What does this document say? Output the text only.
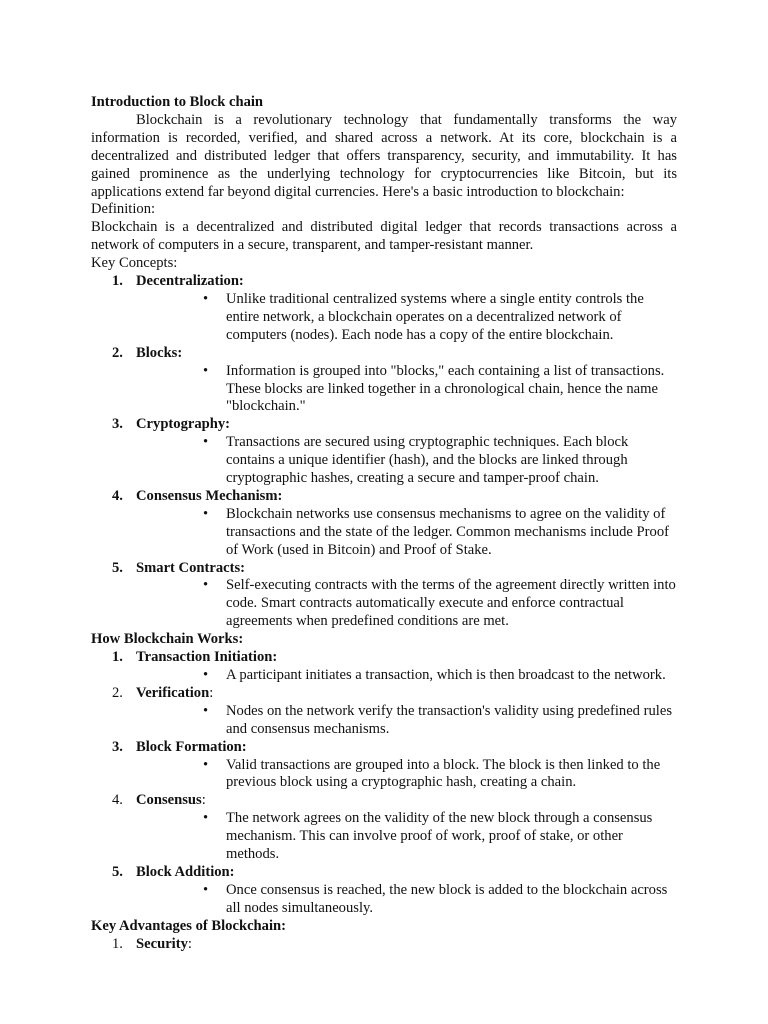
Introduction to Block chain

Blockchain is a revolutionary technology that fundamentally transforms the way information is recorded, verified, and shared across a network. At its core, blockchain is a decentralized and distributed ledger that offers transparency, security, and immutability. It has gained prominence as the underlying technology for cryptocurrencies like Bitcoin, but its applications extend far beyond digital currencies. Here's a basic introduction to blockchain:

Definition:

Blockchain is a decentralized and distributed digital ledger that records transactions across a network of computers in a secure, transparent, and tamper-resistant manner.

Key Concepts:

1. Decentralization:
• Unlike traditional centralized systems where a single entity controls the entire network, a blockchain operates on a decentralized network of computers (nodes). Each node has a copy of the entire blockchain.
2. Blocks:
• Information is grouped into "blocks," each containing a list of transactions. These blocks are linked together in a chronological chain, hence the name "blockchain."
3. Cryptography:
• Transactions are secured using cryptographic techniques. Each block contains a unique identifier (hash), and the blocks are linked through cryptographic hashes, creating a secure and tamper-proof chain.
4. Consensus Mechanism:
• Blockchain networks use consensus mechanisms to agree on the validity of transactions and the state of the ledger. Common mechanisms include Proof of Work (used in Bitcoin) and Proof of Stake.
5. Smart Contracts:
• Self-executing contracts with the terms of the agreement directly written into code. Smart contracts automatically execute and enforce contractual agreements when predefined conditions are met.

How Blockchain Works:

1. Transaction Initiation:
• A participant initiates a transaction, which is then broadcast to the network.
2. Verification:
• Nodes on the network verify the transaction's validity using predefined rules and consensus mechanisms.
3. Block Formation:
• Valid transactions are grouped into a block. The block is then linked to the previous block using a cryptographic hash, creating a chain.
4. Consensus:
• The network agrees on the validity of the new block through a consensus mechanism. This can involve proof of work, proof of stake, or other methods.
5. Block Addition:
• Once consensus is reached, the new block is added to the blockchain across all nodes simultaneously.

Key Advantages of Blockchain:

1. Security:
